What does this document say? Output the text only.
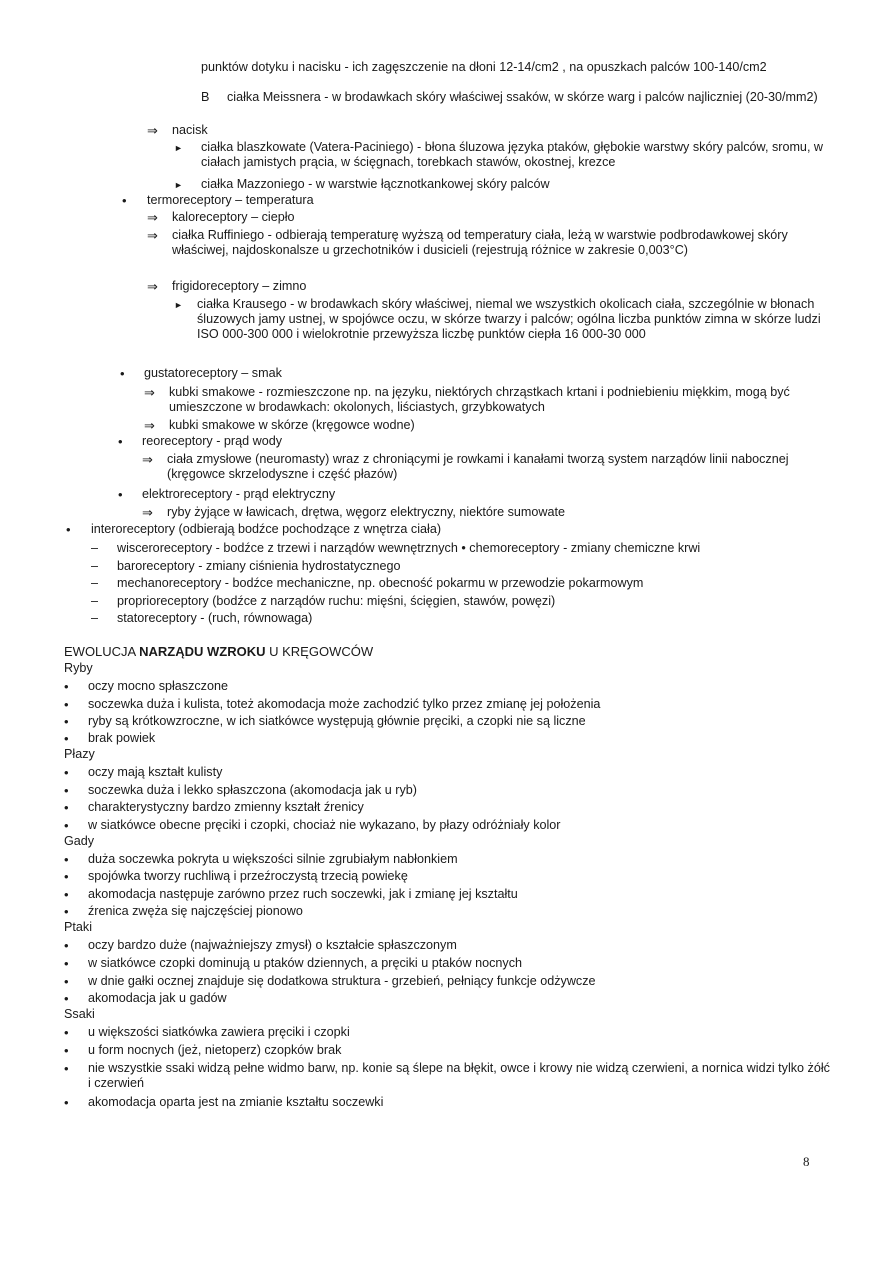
punktów dotyku i nacisku - ich zagęszczenie na dłoni 12-14/cm2 , na opuszkach palców 100-140/cm2
B ciałka Meissnera - w brodawkach skóry właściwej ssaków, w skórze warg i palców najliczniej (20-30/mm2)
⇒ nacisk
► ciałka blaszkowate (Vatera-Paciniego) - błona śluzowa języka ptaków, głębokie warstwy skóry palców, sromu, w ciałach jamistych prącia, w ścięgnach, torebkach stawów, okostnej, krezce
► ciałka Mazzoniego - w warstwie łącznotkankowej skóry palców
• termoreceptory – temperatura
⇒ kaloreceptory – ciepło
⇒ ciałka Ruffiniego - odbierają temperaturę wyższą od temperatury ciała, leżą w warstwie podbrodawkowej skóry właściwej, najdoskonalsze u grzechotników i dusicieli (rejestrują różnice w zakresie 0,003°C)
⇒ frigidoreceptory – zimno
► ciałka Krausego - w brodawkach skóry właściwej, niemal we wszystkich okolicach ciała, szczególnie w błonach śluzowych jamy ustnej, w spojówce oczu, w skórze twarzy i palców; ogólna liczba punktów zimna w skórze ludzi ISO 000-300 000 i wielokrotnie przewyższa liczbę punktów ciepła 16 000-30 000
• gustatoreceptory – smak
⇒ kubki smakowe - rozmieszczone np. na języku, niektórych chrząstkach krtani i podniebieniu miękkim, mogą być umieszczone w brodawkach: okolonych, liściastych, grzybkowatych
⇒ kubki smakowe w skórze (kręgowce wodne)
• reoreceptory - prąd wody
⇒ ciała zmysłowe (neuromasty) wraz z chroniącymi je rowkami i kanałami tworzą system narządów linii nabocznej (kręgowce skrzelodyszne i część płazów)
• elektroreceptory - prąd elektryczny
⇒ ryby żyjące w ławicach, drętwa, węgorz elektryczny, niektóre sumowate
• interoreceptory (odbierają bodźce pochodzące z wnętrza ciała)
– wisceroreceptory - bodźce z trzewi i narządów wewnętrznych • chemoreceptory - zmiany chemiczne krwi
– baroreceptory - zmiany ciśnienia hydrostatycznego
– mechanoreceptory - bodźce mechaniczne, np. obecność pokarmu w przewodzie pokarmowym
– proprioreceptory (bodźce z narządów ruchu: mięśni, ścięgien, stawów, powęzi)
– statoreceptory - (ruch, równowaga)
EWOLUCJA NARZĄDU WZROKU U KRĘGOWCÓW
Ryby
• oczy mocno spłaszczone
• soczewka duża i kulista, toteż akomodacja może zachodzić tylko przez zmianę jej położenia
• ryby są krótkowzroczne, w ich siatkówce występują głównie pręciki, a czopki nie są liczne
• brak powiek
Płazy
• oczy mają kształt kulisty
• soczewka duża i lekko spłaszczona (akomodacja jak u ryb)
• charakterystyczny bardzo zmienny kształt źrenicy
• w siatkówce obecne pręciki i czopki, chociaż nie wykazano, by płazy odróżniały kolor
Gady
• duża soczewka pokryta u większości silnie zgrubiałym nabłonkiem
• spojówka tworzy ruchliwą i przeźroczystą trzecią powiekę
• akomodacja następuje zarówno przez ruch soczewki, jak i zmianę jej kształtu
• źrenica zwęża się najczęściej pionowo
Ptaki
• oczy bardzo duże (najważniejszy zmysł) o kształcie spłaszczonym
• w siatkówce czopki dominują u ptaków dziennych, a pręciki u ptaków nocnych
• w dnie gałki ocznej znajduje się dodatkowa struktura - grzebień, pełniący funkcje odżywcze
• akomodacja jak u gadów
Ssaki
• u większości siatkówka zawiera pręciki i czopki
• u form nocnych (jeż, nietoperz) czopków brak
• nie wszystkie ssaki widzą pełne widmo barw, np. konie są ślepe na błękit, owce i krowy nie widzą czerwieni, a nornica widzi tylko żółć i czerwień
• akomodacja oparta jest na zmianie kształtu soczewki
8
